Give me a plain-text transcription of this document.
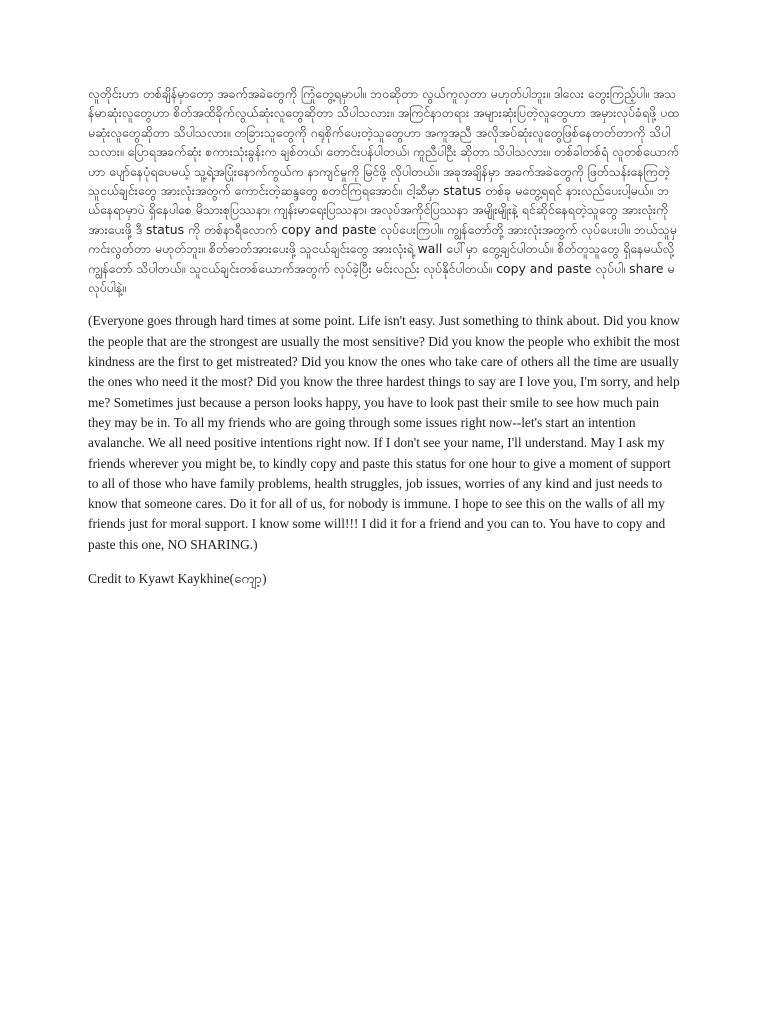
လူတိုင်းဟာ တစ်ချိန်မှာတော့ အခက်အခဲတွေကို ကြုံတွေ့ရမှာပါ။ ဘဝဆိုတာ လွယ်ကူလှတာ မဟုတ်ပါဘူး။ ဒါလေး တွေးကြည့်ပါ။ အသန်မာဆုံးလူတွေဟာ စိတ်အထိခိုက်လွယ်ဆုံးလူတွေဆိုတာ သိပါသလား။ အကြင်နာတရား အများဆုံးပြတဲ့လူတွေဟာ အမှားလုပ်ခံရဖို့ ပထမဆုံးလူတွေဆိုတာ သိပါသလား။ တခြားသူတွေကို ဂရုစိုက်ပေးတဲ့သူတွေဟာ အကူအညီ အလိုအပ်ဆုံးလူတွေဖြစ်နေတတ်တာကို သိပါသလား။ ပြောရအခက်ဆုံး စကားသုံးခွန်းက ချစ်တယ်၊ တောင်းပန်ပါတယ်၊ ကူညီပါဦး ဆိုတာ သိပါသလား။ တစ်ခါတစ်ရံ လူတစ်ယောက်ဟာ ပျော်နေပုံရပေမယ့် သူ့ရဲ့အပြုံးနောက်ကွယ်က နာကျင်မှုကို မြင်ဖို့ လိုပါတယ်။ အခုအချိန်မှာ အခက်အခဲတွေကို ဖြတ်သန်းနေကြတဲ့ သူငယ်ချင်းတွေ အားလုံးအတွက် ကောင်းတဲ့ဆန္ဒတွေ စတင်ကြရအောင်။ ငါ့ဆီမှာ status တစ်ခု မတွေ့ရရင် နားလည်ပေးပါ့မယ်။ ဘယ်နေရာမှာပဲ ရှိနေပါစေ မိသားစုပြဿနာ၊ ကျန်းမာရေးပြဿနာ၊ အလုပ်အကိုင်ပြဿနာ အမျိုးမျိုးနဲ့ ရင်ဆိုင်နေရတဲ့သူတွေ အားလုံးကို အားပေးဖို့ ဒီ status ကို တစ်နာရီလောက် copy and paste လုပ်ပေးကြပါ။ ကျွန်တော်တို့ အားလုံးအတွက် လုပ်ပေးပါ။ ဘယ်သူမှ ကင်းလွတ်တာ မဟုတ်ဘူး။ စိတ်ဓာတ်အားပေးဖို့ သူငယ်ချင်းတွေ အားလုံးရဲ့ wall ပေါ်မှာ တွေ့ချင်ပါတယ်။ စိတ်တူသူတွေ ရှိနေမယ်လို့ ကျွန်တော် သိပါတယ်။ သူငယ်ချင်းတစ်ယောက်အတွက် လုပ်ခဲ့ပြီး မင်းလည်း လုပ်နိုင်ပါတယ်။ copy and paste လုပ်ပါ၊ share မလုပ်ပါနဲ့။

(Everyone goes through hard times at some point. Life isn't easy. Just something to think about. Did you know the people that are the strongest are usually the most sensitive? Did you know the people who exhibit the most kindness are the first to get mistreated? Did you know the ones who take care of others all the time are usually the ones who need it the most? Did you know the three hardest things to say are I love you, I'm sorry, and help me? Sometimes just because a person looks happy, you have to look past their smile to see how much pain they may be in. To all my friends who are going through some issues right now--let's start an intention avalanche. We all need positive intentions right now. If I don't see your name, I'll understand. May I ask my friends wherever you might be, to kindly copy and paste this status for one hour to give a moment of support to all of those who have family problems, health struggles, job issues, worries of any kind and just needs to know that someone cares. Do it for all of us, for nobody is immune. I hope to see this on the walls of all my friends just for moral support. I know some will!!! I did it for a friend and you can to. You have to copy and paste this one, NO SHARING.)

Credit to Kyawt Kaykhine(ကျော့)
